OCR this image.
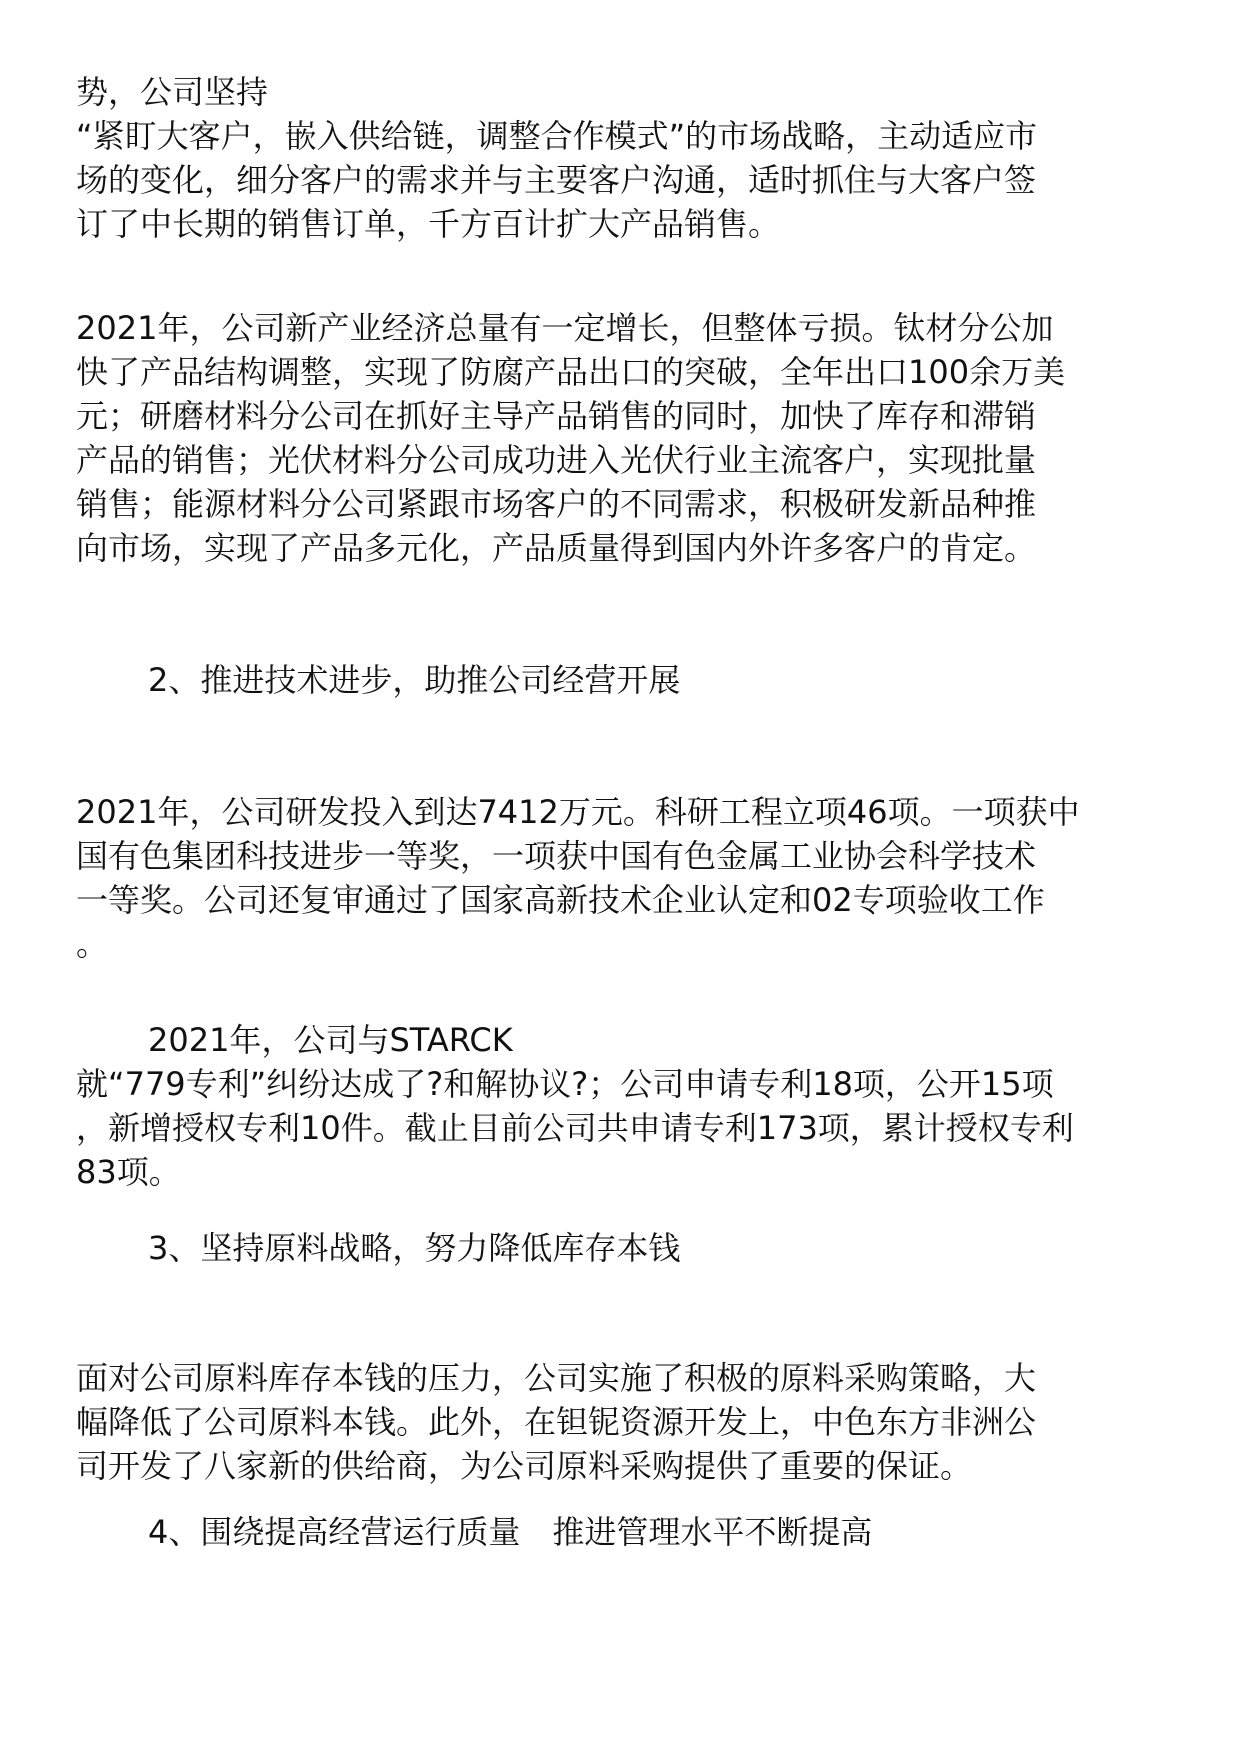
势，公司坚持
“紧盯大客户，嵌入供给链，调整合作模式”的市场战略，主动适应市
场的变化，细分客户的需求并与主要客户沟通，适时抓住与大客户签
订了中长期的销售订单，千方百计扩大产品销售。

2021年，公司新产业经济总量有一定增长，但整体亏损。钛材分公加
快了产品结构调整，实现了防腐产品出口的突破，全年出口100余万美
元；研磨材料分公司在抓好主导产品销售的同时，加快了库存和滞销
产品的销售；光伏材料分公司成功进入光伏行业主流客户，实现批量
销售；能源材料分公司紧跟市场客户的不同需求，积极研发新品种推
向市场，实现了产品多元化，产品质量得到国内外许多客户的肯定。

2、推进技术进步，助推公司经营开展

2021年，公司研发投入到达7412万元。科研工程立项46项。一项获中
国有色集团科技进步一等奖，一项获中国有色金属工业协会科学技术
一等奖。公司还复审通过了国家高新技术企业认定和02专项验收工作
。

2021年，公司与STARCK
就“779专利”纠纷达成了?和解协议?；公司申请专利18项，公开15项
，新增授权专利10件。截止目前公司共申请专利173项，累计授权专利
83项。

3、坚持原料战略，努力降低库存本钱

面对公司原料库存本钱的压力，公司实施了积极的原料采购策略，大
幅降低了公司原料本钱。此外，在钽铌资源开发上，中色东方非洲公
司开发了八家新的供给商，为公司原料采购提供了重要的保证。

4、围绕提高经营运行质量　推进管理水平不断提高
